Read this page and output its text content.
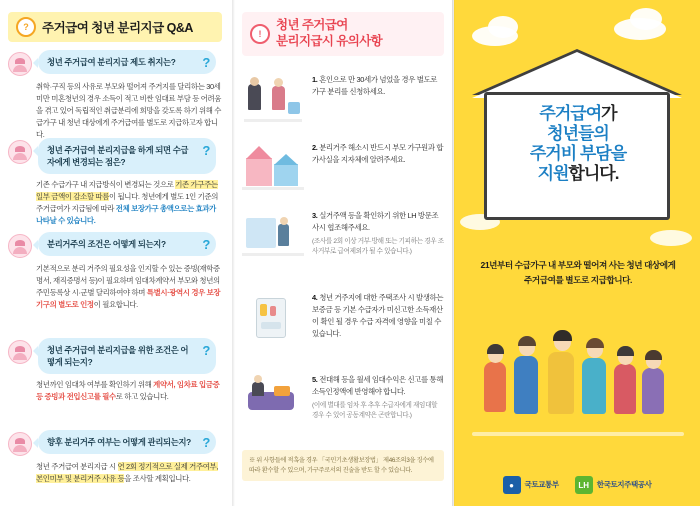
?	주거급여 청년 분리지급 Q&A
청년 주거급여 분리지급 제도 취지는? ?
취학·구직 등의 사유로 부모와 떨어져 주거지를 달리하는 30세 미만 미혼청년의 경우 소득이 적고 비싼 임대료 부담 등 어려움을 겪고 있어 독립적인 취급분리에 희망을 갖도록 하기 위해 수급가구 내 청년 대상에게 주거급여를 별도로 지급하고자 합니다.
청년 주거급여 분리지급을 하게 되면 수급자에게 변경되는 점은?
?
기존 수급가구 내 지급방식이 변경되는 것으로 기존 가구주는 일부 금액이 감소할 따름이 됩니다. 청년에게 별도 1인 기준의 주거급여가 지급됨에 따라 전체 보장가구 총액으로는 효과가 나타날 수 있습니다.
분리거주의 조건은 어떻게 되는지?	?
기본적으로 분리 거주의 필요성을 인지할 수 있는 증빙(재학증명서, 재직증명서 등)이 필요하며 임대차계약서 부모와 청년의 주민등록상 시·군별 달리하여야 하며 특별시·광역시 경우 보장기구의 별도로 인정이 필요합니다.
청년 주거급여 분리지급을 위한 조건은 어떻게 되는지?
?
청년까인 임대차 여부를 확인하기 위해 계약서, 임차료 입금증 등 증빙과 전입신고를 필수로 하고 있습니다.
향후 분리거주 여부는 어떻게 관리되는지? ?
청년 주거급여 분리지급 시 연 2회 정기적으로 실제 거주여부, 본인미부 및 분리거주 사유 등을 조사할 계획입니다.
!
청년 주거급여
분리지급시 유의사항
1. 혼인으로 만 30세가 넘었을 경우 별도로 가구 분리를 신청하세요.
2. 분리거주 해소시 반드시 부모 가구원과 합가사실을 지자체에 알려주세요.
3. 실거주액 등을 확인하기 위한 LH 방문조사시 협조해주세요.
(조사를 2회 이상 거부·방해 또는 기피하는 경우 조사거부로 급여제외가 될 수 있습니다.)
4. 청년 거주지에 대한 주택조사 시 발생하는 보증금 등 기본 수급자가 미신고한 소득재산이 확인 될 경우 수급 자격에 영향을 미칠 수 있습니다.
5. 전대해 등을 월세 임대수익은 신고를 통해 소득인정액에 반영해야 합니다.
(이에 별대를 임차 후 추후 수급자에게 재임대할 경우 수 있어 공동계약은 곤란합니다.)
※ 위 사항들에 적혹을 경우 「국민기초생활보장법」 제46조의3을 징수에 따라 환수할 수 있으며, 가구주로서의 진술을 받도 할 수 있습니다.
주거급여가
청년들의
주거비 부담을
지원합니다.
21년부터 수급가구 내 부모와 떨어져 사는 청년 대상에게
주거급여를 별도로 지급합니다.
●	국토교통부	LH	한국토지주택공사
